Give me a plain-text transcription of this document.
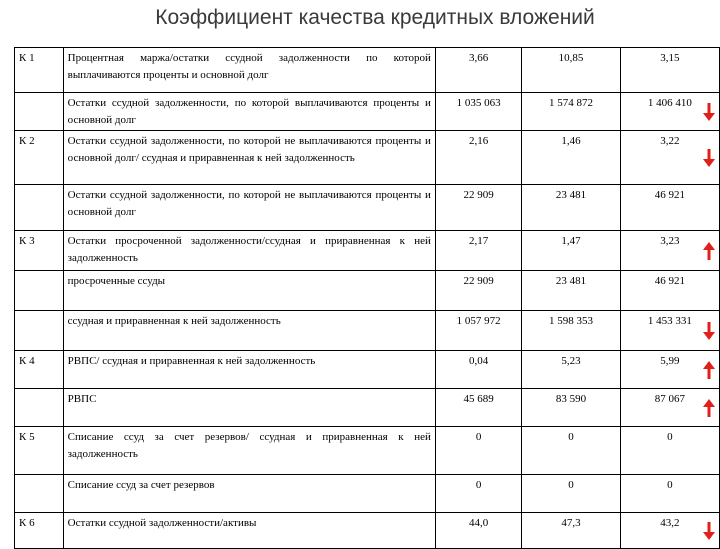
Коэффициент качества кредитных вложений
К 1	Процентная маржа/остатки ссудной задолженности по которой выплачиваются проценты и основной долг	3,66	10,85	3,15
	Остатки ссудной задолженности, по которой выплачиваются проценты и основной долг	1 035 063	1 574 872	1 406 410

К 2	Остатки ссудной задолженности, по которой не выплачиваются проценты и основной долг/ ссудная и приравненная к ней задолженность	2,16	1,46	3,22

	Остатки ссудной задолженности, по которой не выплачиваются проценты и основной долг	22 909	23 481	46 921
К 3	Остатки просроченной задолженности/ссудная и приравненная к ней задолженность	2,17	1,47	3,23

	просроченные ссуды	22 909	23 481	46 921
	ссудная и приравненная к ней задолженность	1 057 972	1 598 353	1 453 331

К 4	РВПС/ ссудная и приравненная к ней задолженность	0,04	5,23	5,99

	РВПС	45 689	83 590	87 067

К 5	Списание ссуд за счет резервов/ ссудная и приравненная к ней задолженность	0	0	0
	Списание ссуд за счет резервов	0	0	0
К 6	Остатки ссудной задолженности/активы	44,0	47,3	43,2
